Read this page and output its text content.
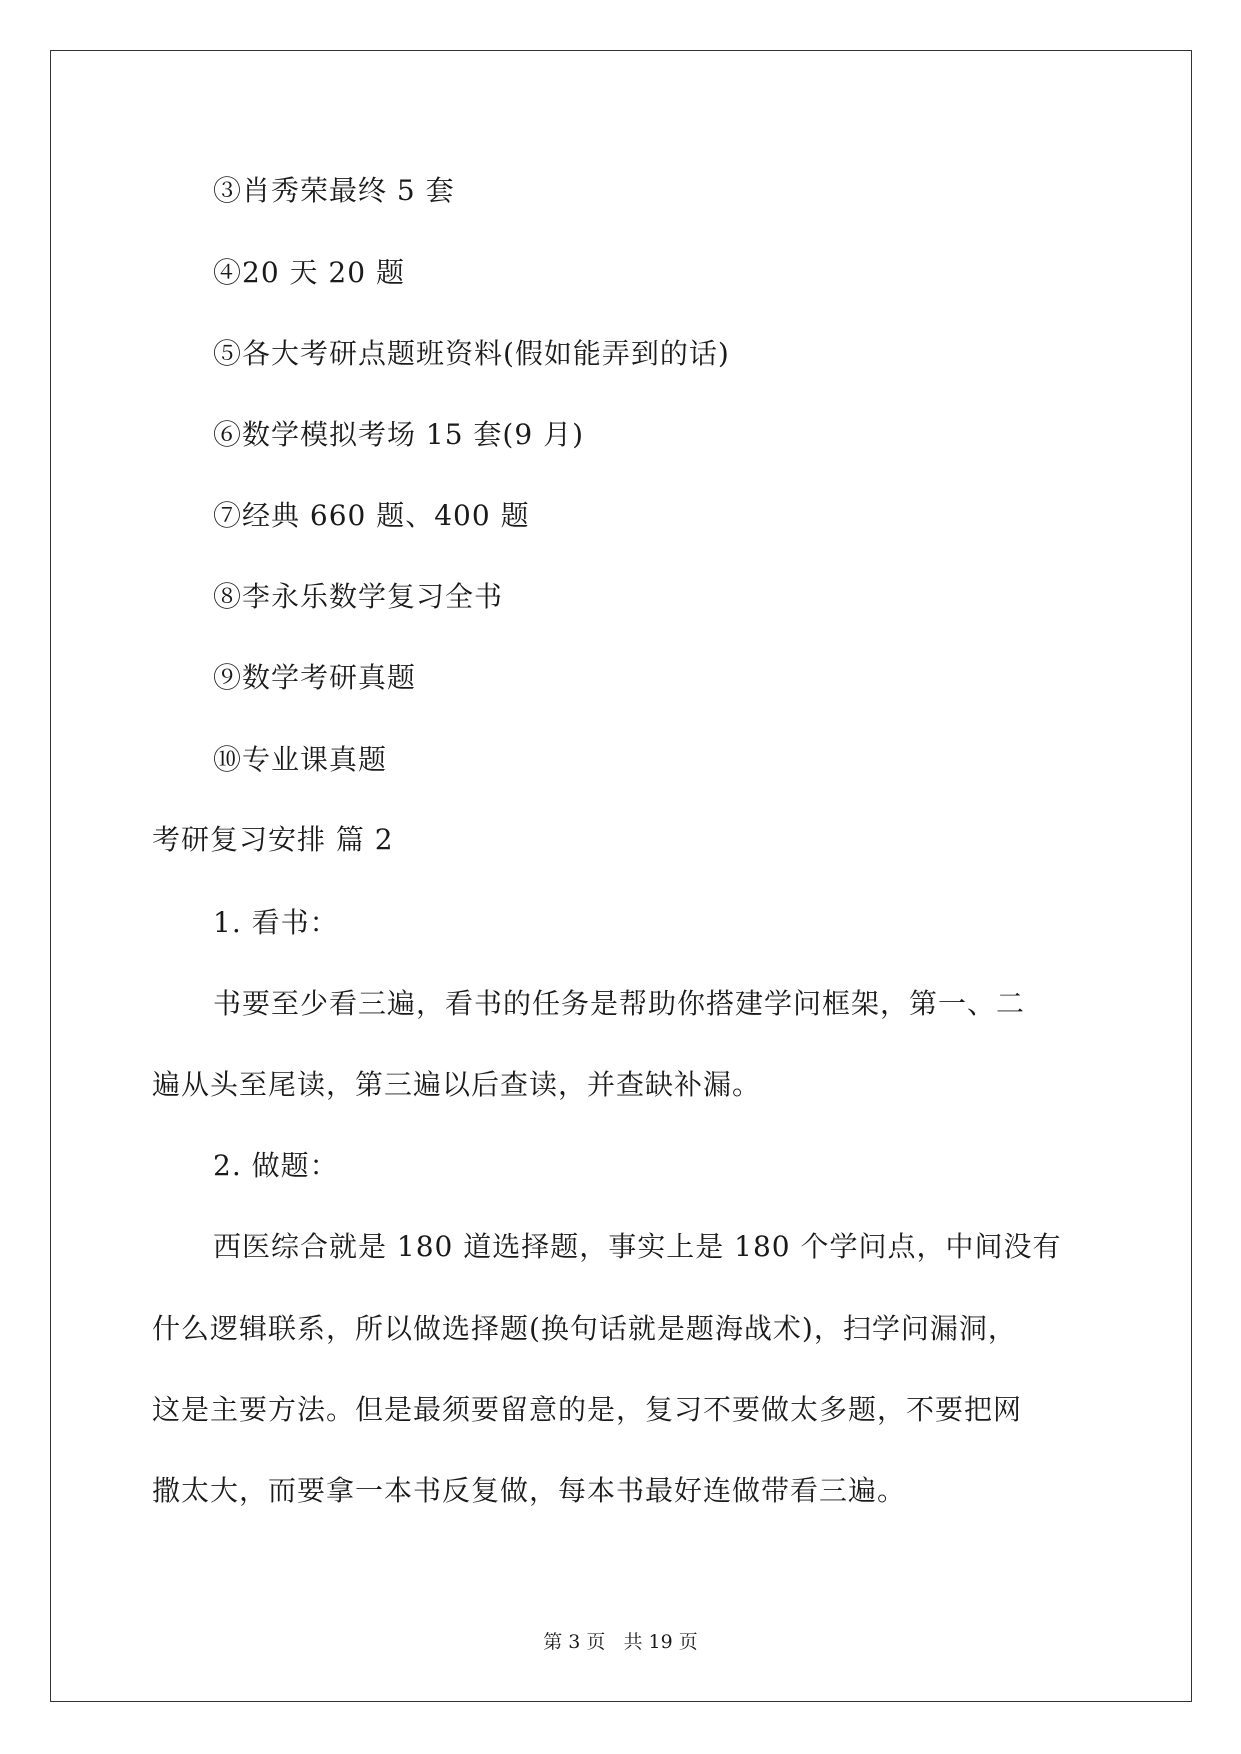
③肖秀荣最终 5 套
④20 天 20 题
⑤各大考研点题班资料(假如能弄到的话)
⑥数学模拟考场 15 套(9 月)
⑦经典 660 题、400 题
⑧李永乐数学复习全书
⑨数学考研真题
⑩专业课真题
考研复习安排 篇 2
1. 看书：
书要至少看三遍，看书的任务是帮助你搭建学问框架，第一、二
遍从头至尾读，第三遍以后查读，并查缺补漏。
2. 做题：
西医综合就是 180 道选择题，事实上是 180 个学问点，中间没有
什么逻辑联系，所以做选择题(换句话就是题海战术)，扫学问漏洞，
这是主要方法。但是最须要留意的是，复习不要做太多题，不要把网
撒太大，而要拿一本书反复做，每本书最好连做带看三遍。
第 3 页   共 19 页
